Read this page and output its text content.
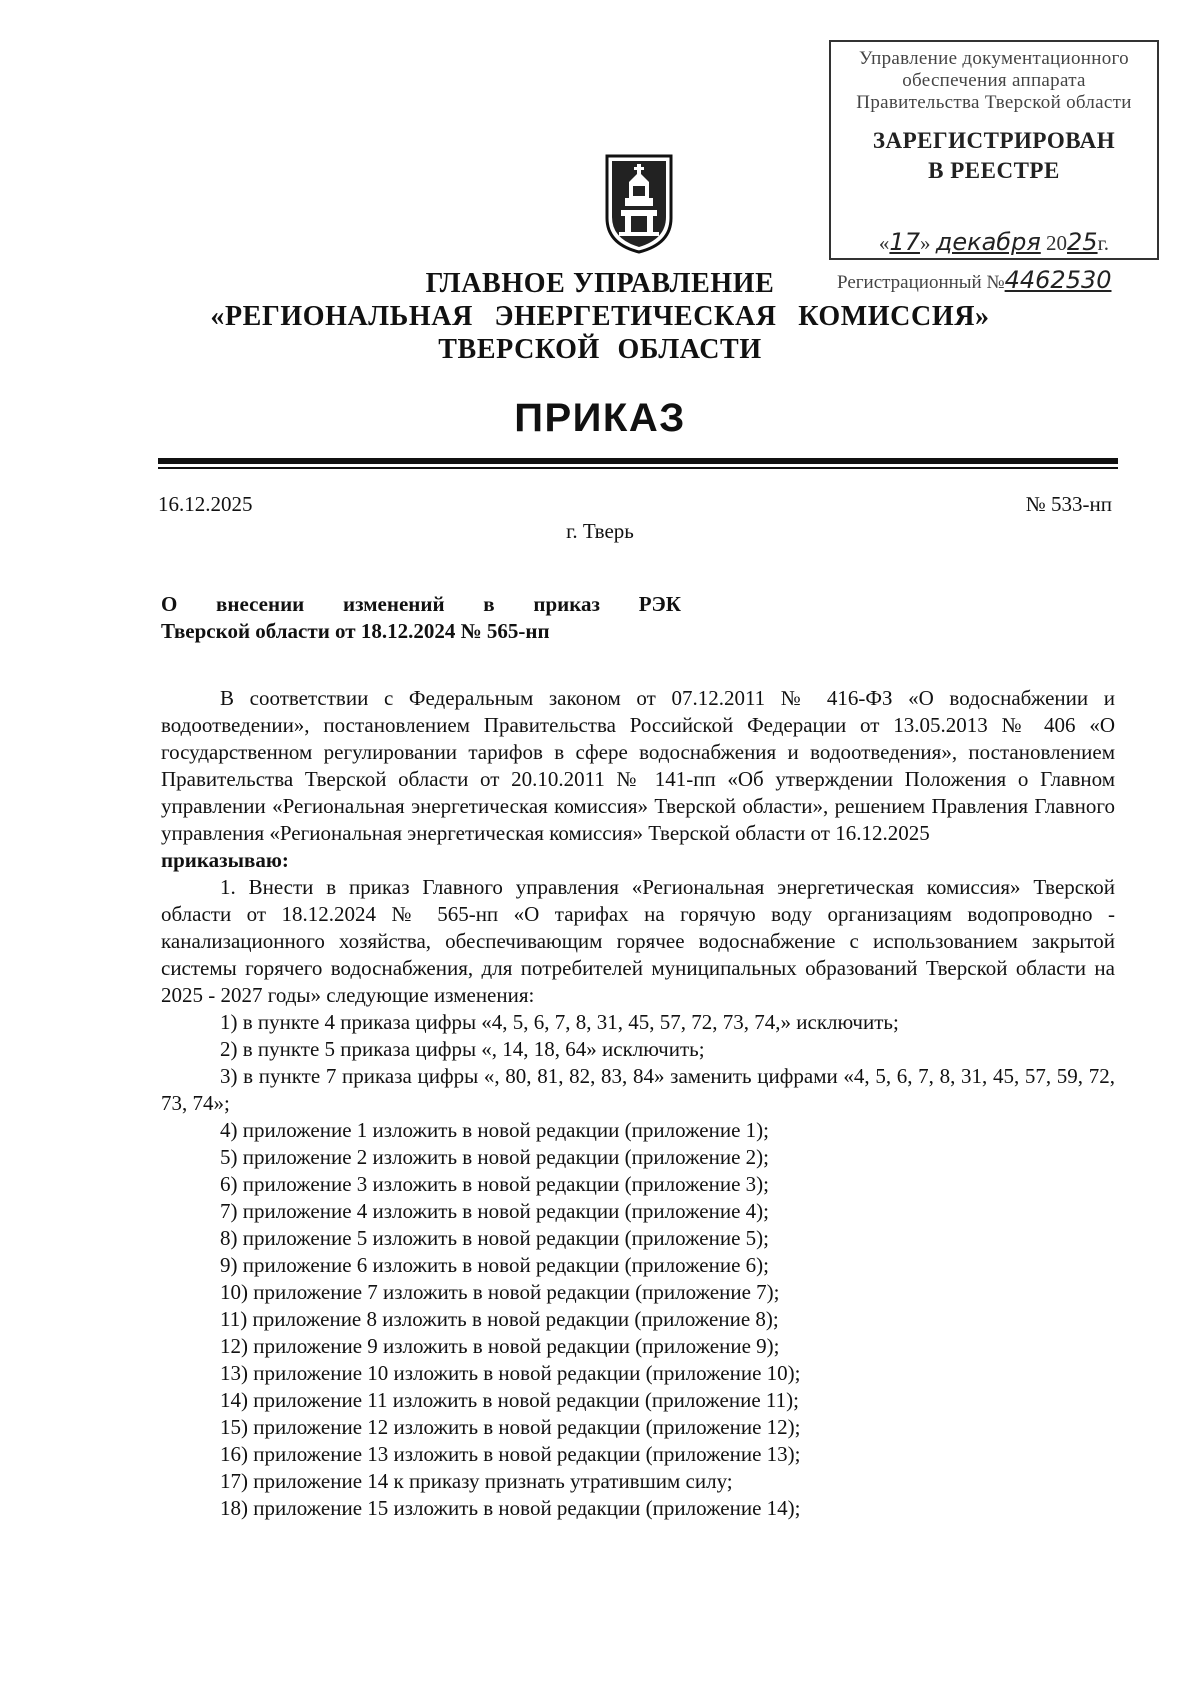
Управление документационного
обеспечения аппарата
Правительства Тверской области
ЗАРЕГИСТРИРОВАН
В РЕЕСТРЕ
«17» декабря 2025г.
Регистрационный №4462530
ГЛАВНОЕ УПРАВЛЕНИЕ
«РЕГИОНАЛЬНАЯ ЭНЕРГЕТИЧЕСКАЯ КОМИССИЯ»
ТВЕРСКОЙ ОБЛАСТИ
ПРИКАЗ
16.12.2025	№ 533-нп
г. Тверь
О внесении изменений в приказ РЭК
Тверской области от 18.12.2024 № 565-нп

В соответствии с Федеральным законом от 07.12.2011 № 416-ФЗ «О водоснабжении и водоотведении», постановлением Правительства Российской Федерации от 13.05.2013 № 406 «О государственном регулировании тарифов в сфере водоснабжения и водоотведения», постановлением Правительства Тверской области от 20.10.2011 № 141-пп «Об утверждении Положения о Главном управлении «Региональная энергетическая комиссия» Тверской области», решением Правления Главного управления «Региональная энергетическая комиссия» Тверской области от 16.12.2025

приказываю:

1. Внести в приказ Главного управления «Региональная энергетическая комиссия» Тверской области от 18.12.2024 № 565-нп «О тарифах на горячую воду организациям водопроводно - канализационного хозяйства, обеспечивающим горячее водоснабжение с использованием закрытой системы горячего водоснабжения, для потребителей муниципальных образований Тверской области на 2025 - 2027 годы» следующие изменения:

1) в пункте 4 приказа цифры «4, 5, 6, 7, 8, 31, 45, 57, 72, 73, 74,» исключить;
2) в пункте 5 приказа цифры «, 14, 18, 64» исключить;
3) в пункте 7 приказа цифры «, 80, 81, 82, 83, 84» заменить цифрами «4, 5, 6, 7, 8, 31, 45, 57, 59, 72, 73, 74»;
4) приложение 1 изложить в новой редакции (приложение 1);
5) приложение 2 изложить в новой редакции (приложение 2);
6) приложение 3 изложить в новой редакции (приложение 3);
7) приложение 4 изложить в новой редакции (приложение 4);
8) приложение 5 изложить в новой редакции (приложение 5);
9) приложение 6 изложить в новой редакции (приложение 6);
10) приложение 7 изложить в новой редакции (приложение 7);
11) приложение 8 изложить в новой редакции (приложение 8);
12) приложение 9 изложить в новой редакции (приложение 9);
13) приложение 10 изложить в новой редакции (приложение 10);
14) приложение 11 изложить в новой редакции (приложение 11);
15) приложение 12 изложить в новой редакции (приложение 12);
16) приложение 13 изложить в новой редакции (приложение 13);
17) приложение 14 к приказу признать утратившим силу;
18) приложение 15 изложить в новой редакции (приложение 14);
